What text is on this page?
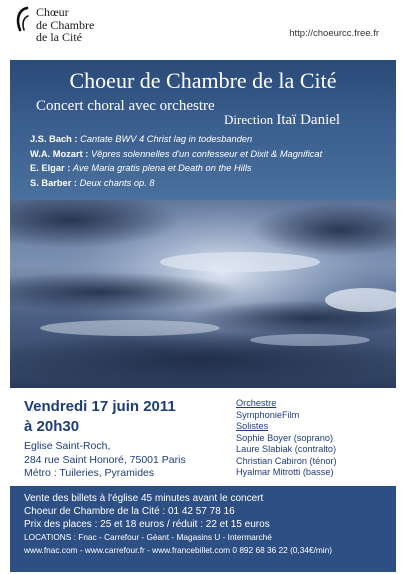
Chœur
de Chambre
de la Cité	http://choeurcc.free.fr
Choeur de Chambre de la Cité
Concert choral avec orchestre
Direction Itaï Daniel
J.S. Bach : Cantate BWV 4 Christ lag in todesbanden
W.A. Mozart : Vêpres solennelles d'un confesseur et Dixit & Magnificat
E. Elgar : Ave Maria gratis plena et Death on the Hills
S. Barber : Deux chants op. 8
Vendredi 17 juin 2011
à 20h30
Eglise Saint-Roch,
284 rue Saint Honoré, 75001 Paris
Métro : Tuileries, Pyramides
Orchestre
SymphonieFilm
Solistes
Sophie Boyer (soprano)
Laure Slabiak (contralto)
Christian Cabiron (ténor)
Hyalmar Mitrotti (basse)
Vente des billets à l'église 45 minutes avant le concert
Choeur de Chambre de la Cité : 01 42 57 78 16
Prix des places : 25 et 18 euros / réduit : 22 et 15 euros
LOCATIONS : Fnac - Carrefour - Géant - Magasins U - Intermarché
www.fnac.com - www.carrefour.fr - www.francebillet.com 0 892 68 36 22 (0,34€/min)
